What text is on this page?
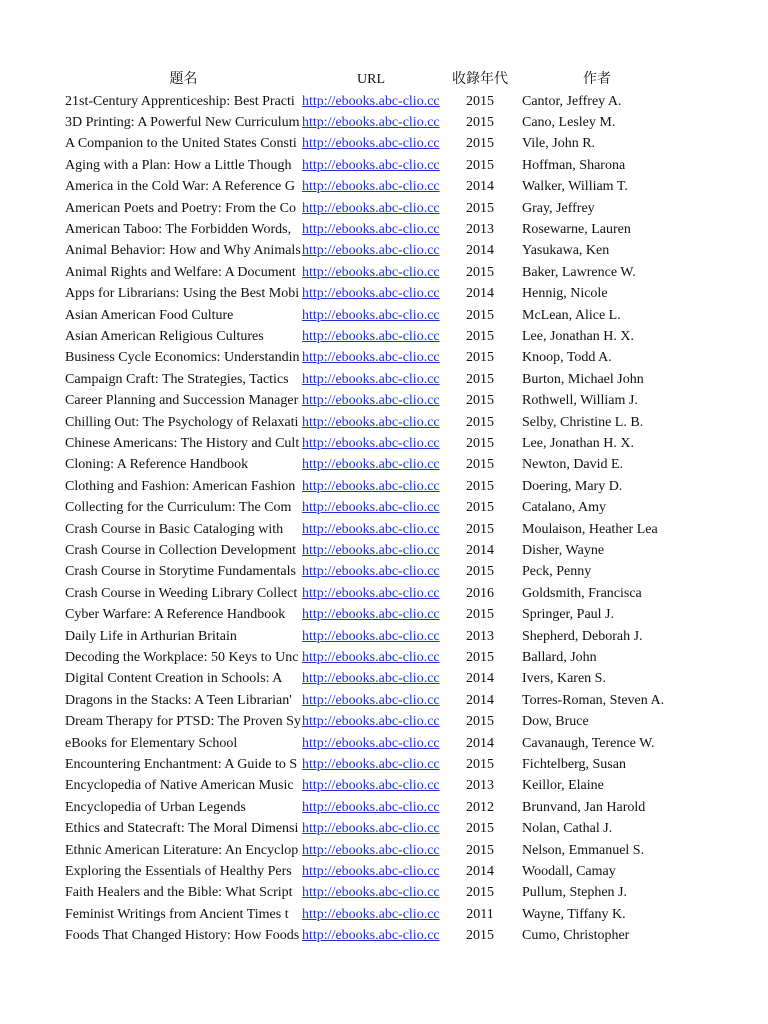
題名	URL	收錄年代	作者
21st-Century Apprenticeship: Best Practi http://ebooks.abc-clio.cc	2015	Cantor, Jeffrey A.
3D Printing: A Powerful New Curriculum http://ebooks.abc-clio.cc	2015	Cano, Lesley M.
A Companion to the United States Consti http://ebooks.abc-clio.cc	2015	Vile, John R.
Aging with a Plan: How a Little Though http://ebooks.abc-clio.cc	2015	Hoffman, Sharona
America in the Cold War: A Reference G http://ebooks.abc-clio.cc	2014	Walker, William T.
American Poets and Poetry: From the Co http://ebooks.abc-clio.cc	2015	Gray, Jeffrey
American Taboo: The Forbidden Words, http://ebooks.abc-clio.cc	2013	Rosewarne, Lauren
Animal Behavior: How and Why Animals http://ebooks.abc-clio.cc	2014	Yasukawa, Ken
Animal Rights and Welfare: A Document http://ebooks.abc-clio.cc	2015	Baker, Lawrence W.
Apps for Librarians: Using the Best Mobi http://ebooks.abc-clio.cc	2014	Hennig, Nicole
Asian American Food Culture	http://ebooks.abc-clio.cc	2015	McLean, Alice L.
Asian American Religious Cultures	http://ebooks.abc-clio.cc	2015	Lee, Jonathan H. X.
Business Cycle Economics: Understandin http://ebooks.abc-clio.cc	2015	Knoop, Todd A.
Campaign Craft: The Strategies, Tactics http://ebooks.abc-clio.cc	2015	Burton, Michael John
Career Planning and Succession Manager http://ebooks.abc-clio.cc	2015	Rothwell, William J.
Chilling Out: The Psychology of Relaxati http://ebooks.abc-clio.cc	2015	Selby, Christine L. B.
Chinese Americans: The History and Cult http://ebooks.abc-clio.cc	2015	Lee, Jonathan H. X.
Cloning: A Reference Handbook	http://ebooks.abc-clio.cc	2015	Newton, David E.
Clothing and Fashion: American Fashion http://ebooks.abc-clio.cc	2015	Doering, Mary D.
Collecting for the Curriculum: The Com http://ebooks.abc-clio.cc	2015	Catalano, Amy
Crash Course in Basic Cataloging with	http://ebooks.abc-clio.cc	2015	Moulaison, Heather Lea
Crash Course in Collection Development http://ebooks.abc-clio.cc	2014	Disher, Wayne
Crash Course in Storytime Fundamentals http://ebooks.abc-clio.cc	2015	Peck, Penny
Crash Course in Weeding Library Collect http://ebooks.abc-clio.cc	2016	Goldsmith, Francisca
Cyber Warfare: A Reference Handbook	http://ebooks.abc-clio.cc	2015	Springer, Paul J.
Daily Life in Arthurian Britain	http://ebooks.abc-clio.cc	2013	Shepherd, Deborah J.
Decoding the Workplace: 50 Keys to Unc http://ebooks.abc-clio.cc	2015	Ballard, John
Digital Content Creation in Schools: A	http://ebooks.abc-clio.cc	2014	Ivers, Karen S.
Dragons in the Stacks: A Teen Librarian' http://ebooks.abc-clio.cc	2014	Torres-Roman, Steven A.
Dream Therapy for PTSD: The Proven Sy http://ebooks.abc-clio.cc	2015	Dow, Bruce
eBooks for Elementary School	http://ebooks.abc-clio.cc	2014	Cavanaugh, Terence W.
Encountering Enchantment: A Guide to S http://ebooks.abc-clio.cc	2015	Fichtelberg, Susan
Encyclopedia of Native American Music http://ebooks.abc-clio.cc	2013	Keillor, Elaine
Encyclopedia of Urban Legends	http://ebooks.abc-clio.cc	2012	Brunvand, Jan Harold
Ethics and Statecraft: The Moral Dimensi http://ebooks.abc-clio.cc	2015	Nolan, Cathal J.
Ethnic American Literature: An Encyclop http://ebooks.abc-clio.cc	2015	Nelson, Emmanuel S.
Exploring the Essentials of Healthy Pers http://ebooks.abc-clio.cc	2014	Woodall, Camay
Faith Healers and the Bible: What Script http://ebooks.abc-clio.cc	2015	Pullum, Stephen J.
Feminist Writings from Ancient Times t http://ebooks.abc-clio.cc	2011	Wayne, Tiffany K.
Foods That Changed History: How Foods http://ebooks.abc-clio.cc	2015	Cumo, Christopher
